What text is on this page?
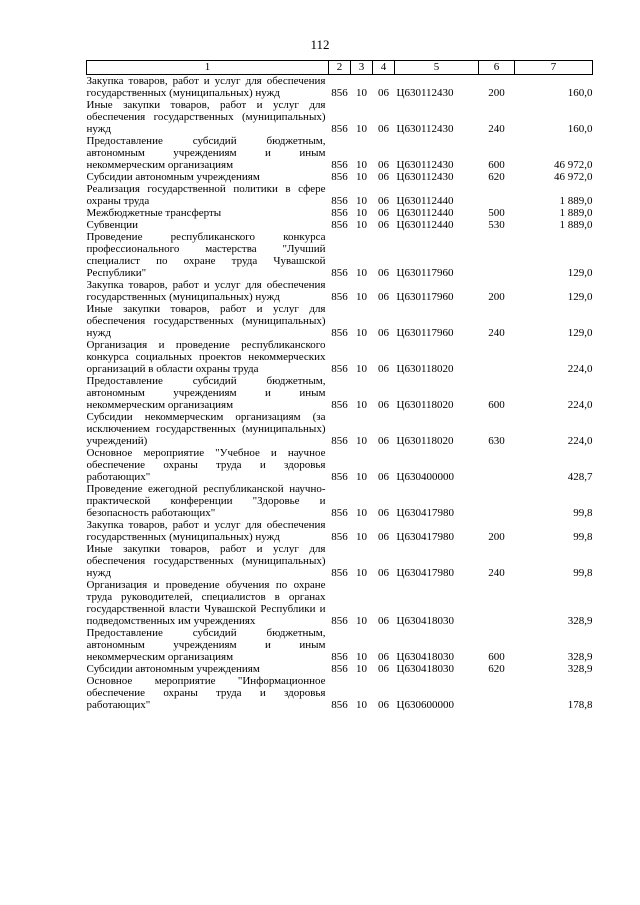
112
1	2	3	4	5	6	7
Закупка товаров, работ и услуг для обеспечения государственных (муниципальных) нужд	856	10	06	Ц630112430	200	160,0
Иные закупки товаров, работ и услуг для обеспечения государственных (муниципальных) нужд	856	10	06	Ц630112430	240	160,0
Предоставление субсидий бюджетным, автономным учреждениям и иным некоммерческим организациям	856	10	06	Ц630112430	600	46 972,0
Субсидии автономным учреждениям	856	10	06	Ц630112430	620	46 972,0
Реализация государственной политики в сфере охраны труда	856	10	06	Ц630112440		1 889,0
Межбюджетные трансферты	856	10	06	Ц630112440	500	1 889,0
Субвенции	856	10	06	Ц630112440	530	1 889,0
Проведение республиканского конкурса профессионального мастерства "Лучший специалист по охране труда Чувашской Республики"	856	10	06	Ц630117960		129,0
Закупка товаров, работ и услуг для обеспечения государственных (муниципальных) нужд	856	10	06	Ц630117960	200	129,0
Иные закупки товаров, работ и услуг для обеспечения государственных (муниципальных) нужд	856	10	06	Ц630117960	240	129,0
Организация и проведение республиканского конкурса социальных проектов некоммерческих организаций в области охраны труда	856	10	06	Ц630118020		224,0
Предоставление субсидий бюджетным, автономным учреждениям и иным некоммерческим организациям	856	10	06	Ц630118020	600	224,0
Субсидии некоммерческим организациям (за исключением государственных (муниципальных) учреждений)	856	10	06	Ц630118020	630	224,0
Основное мероприятие "Учебное и научное обеспечение охраны труда и здоровья работающих"	856	10	06	Ц630400000		428,7
Проведение ежегодной республиканской научно-практической конференции "Здоровье и безопасность работающих"	856	10	06	Ц630417980		99,8
Закупка товаров, работ и услуг для обеспечения государственных (муниципальных) нужд	856	10	06	Ц630417980	200	99,8
Иные закупки товаров, работ и услуг для обеспечения государственных (муниципальных) нужд	856	10	06	Ц630417980	240	99,8
Организация и проведение обучения по охране труда руководителей, специалистов в органах государственной власти Чувашской Республики и подведомственных им учреждениях	856	10	06	Ц630418030		328,9
Предоставление субсидий бюджетным, автономным учреждениям и иным некоммерческим организациям	856	10	06	Ц630418030	600	328,9
Субсидии автономным учреждениям	856	10	06	Ц630418030	620	328,9
Основное мероприятие "Информационное обеспечение охраны труда и здоровья работающих"	856	10	06	Ц630600000		178,8
